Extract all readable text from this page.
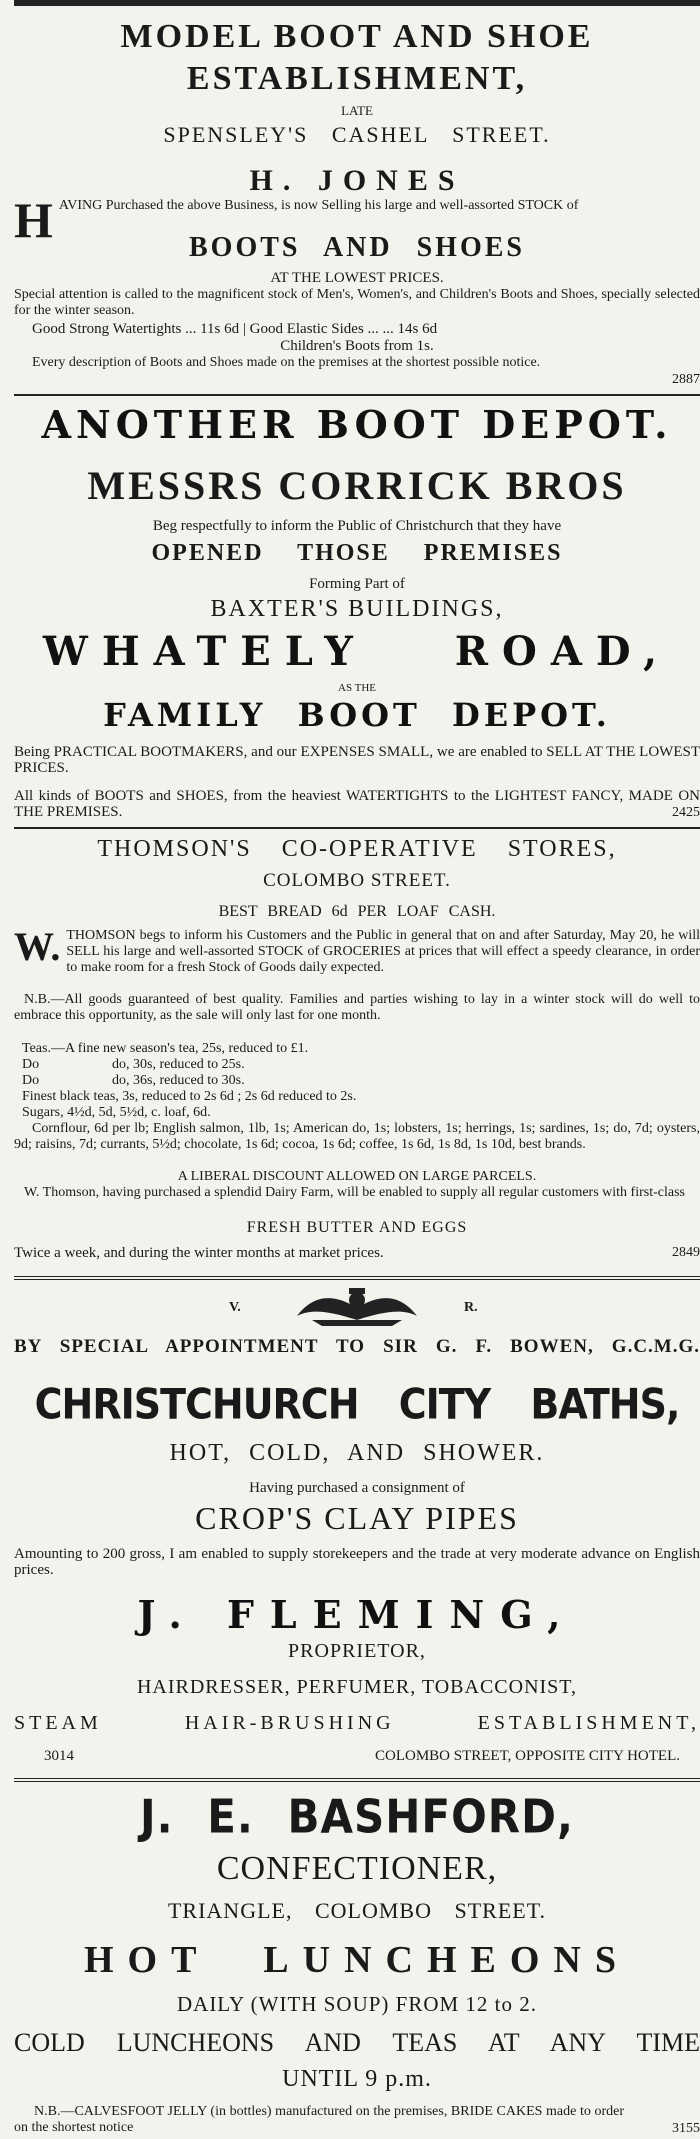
MODEL BOOT AND SHOE
ESTABLISHMENT,
LATE
SPENSLEY'S CASHEL STREET.
H. JONES
H AVING Purchased the above Business, is now Selling his large and well-assorted STOCK of
BOOTS AND SHOES
AT THE LOWEST PRICES.
Special attention is called to the magnificent stock of Men's, Women's, and Children's Boots and Shoes, specially selected for the winter season.
Good Strong Watertights ... 11s 6d | Good Elastic Sides ... ... 14s 6d
Children's Boots from 1s.
Every description of Boots and Shoes made on the premises at the shortest possible notice.
2887
ANOTHER BOOT DEPOT.
MESSRS CORRICK BROS
Beg respectfully to inform the Public of Christchurch that they have
OPENED THOSE PREMISES
Forming Part of
BAXTER'S BUILDINGS,
WHATELY ROAD,
AS THE
FAMILY BOOT DEPOT.
Being PRACTICAL BOOTMAKERS, and our EXPENSES SMALL, we are enabled to SELL AT THE LOWEST PRICES.
All kinds of BOOTS and SHOES, from the heaviest WATERTIGHTS to the LIGHTEST FANCY, MADE ON THE PREMISES.	2425
THOMSON'S CO-OPERATIVE STORES,
COLOMBO STREET.
BEST BREAD 6d PER LOAF CASH.
W. THOMSON begs to inform his Customers and the Public in general that on and after Saturday, May 20, he will SELL his large and well-assorted STOCK of GROCERIES at prices that will effect a speedy clearance, in order to make room for a fresh Stock of Goods daily expected.
N.B.—All goods guaranteed of best quality. Families and parties wishing to lay in a winter stock will do well to embrace this opportunity, as the sale will only last for one month.
Teas.—A fine new season's tea, 25s, reduced to £1.
Do	do, 30s, reduced to 25s.
Do	do, 36s, reduced to 30s.
Finest black teas, 3s, reduced to 2s 6d ; 2s 6d reduced to 2s.
Sugars, 4½d, 5d, 5½d, c. loaf, 6d.
Cornflour, 6d per lb; English salmon, 1lb, 1s; American do, 1s; lobsters, 1s; herrings, 1s; sardines, 1s; do, 7d; oysters, 9d; raisins, 7d; currants, 5½d; chocolate, 1s 6d; cocoa, 1s 6d; coffee, 1s 6d, 1s 8d, 1s 10d, best brands.
A LIBERAL DISCOUNT ALLOWED ON LARGE PARCELS.
W. Thomson, having purchased a splendid Dairy Farm, will be enabled to supply all regular customers with first-class
FRESH BUTTER AND EGGS
Twice a week, and during the winter months at market prices.	2849
V.	R.
BY SPECIAL APPOINTMENT TO SIR G. F. BOWEN, G.C.M.G.
CHRISTCHURCH CITY BATHS,
HOT, COLD, AND SHOWER.
Having purchased a consignment of
CROP'S CLAY PIPES
Amounting to 200 gross, I am enabled to supply storekeepers and the trade at very moderate advance on English prices.
J. FLEMING,
PROPRIETOR,
HAIRDRESSER, PERFUMER, TOBACCONIST,
STEAM HAIR-BRUSHING ESTABLISHMENT,
3014	COLOMBO STREET, OPPOSITE CITY HOTEL.
J. E. BASHFORD,
CONFECTIONER,
TRIANGLE, COLOMBO STREET.
HOT LUNCHEONS
DAILY (WITH SOUP) FROM 12 to 2.
COLD LUNCHEONS AND TEAS AT ANY TIME
UNTIL 9 p.m.
N.B.—CALVESFOOT JELLY (in bottles) manufactured on the premises, BRIDE CAKES made to order on the shortest notice	3155
